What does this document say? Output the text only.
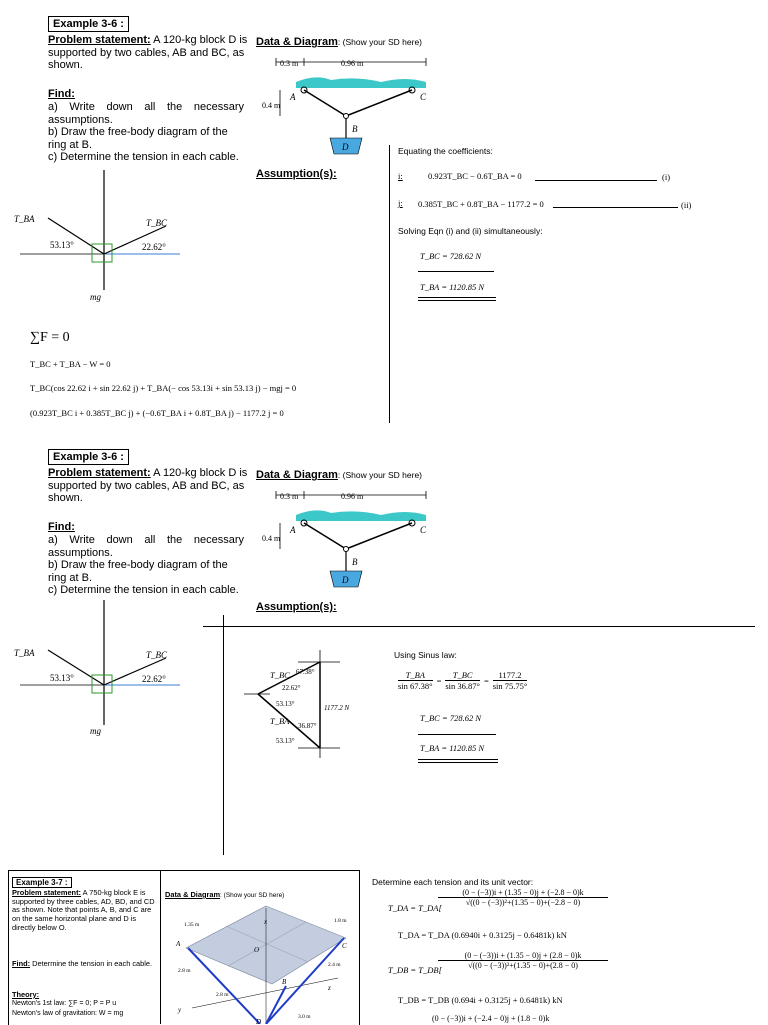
Example 3-6 :
Problem statement: A 120-kg block D is supported by two cables, AB and BC, as shown.
Data & Diagram: (Show your SD here)
Find:
a) Write down all the necessary assumptions.
b) Draw the free-body diagram of the ring at B.
c) Determine the tension in each cable.
Assumption(s):
0.3 m	0.96 m
D
A	C
B
0.4 m
T_BA	T_BC
53.13°	22.62°
mg
∑F = 0
T_BC + T_BA − W = 0
T_BC(cos 22.62 i + sin 22.62 j) + T_BA(− cos 53.13i + sin 53.13 j) − mgj = 0
(0.923T_BC i + 0.385T_BC j) + (−0.6T_BA i + 0.8T_BA j) − 1177.2 j = 0
Equating the coefficients:
i:	0.923T_BC − 0.6T_BA = 0	(i)
j: 0.385T_BC + 0.8T_BA − 1177.2 = 0	(ii)
Solving Eqn (i) and (ii) simultaneously:
T_BC = 728.62 N
T_BA = 1120.85 N
Example 3-6 :
Problem statement: A 120-kg block D is supported by two cables, AB and BC, as shown.
Data & Diagram: (Show your SD here)
Find:
a) Write down all the necessary assumptions.
b) Draw the free-body diagram of the ring at B.
c) Determine the tension in each cable.
Assumption(s):
0.3 m	0.96 m
D
A	C
B
0.4 m
T_BA	T_BC
53.13°	22.62°
mg
T_BC 67.38°
22.62°
53.13°
T_BA 36.87°
53.13°
1177.2 N
Using Sinus law:
$\frac{T\_BA}{\sin 67.38^\circ} = \frac{T\_BC}{\sin 36.87^\circ} = \frac{1177.2}{\sin 75.75^\circ}$
T_BC = 728.62 N
T_BA = 1120.85 N
Example 3-7 :
Problem statement: A 750-kg block E is supported by three cables, AD, BD, and CD as shown. Note that points A, B, and C are on the same horizontal plane and D is directly below O.
Find: Determine the tension in each cable.
Theory:
Newton's 1st law: ∑F = 0; P = P u
Newton's law of gravitation: W = mg
Data & Diagram: (Show your SD here)
A
B
C
O
D
x
y
z
1.35 m
1.8 m
2.8 m
2.8 m
2.4 m
3.0 m
Determine each tension and its unit vector:
T_DA = T_DA[
$\frac{(0 - (-3))i + (1.35 - 0)j + (-2.8 - 0)k}{\text{√((0 − (−3))²+(1.35 − 0)+(−2.8 − 0)}}$
T_DA = T_DA (0.6940i + 0.3125j − 0.6481k) kN
T_DB = T_DB[
$\frac{(0 - (-3))i + (1.35 - 0)j + (2.8 - 0)k}{\text{√((0 − (−3))²+(1.35 − 0)+(2.8 − 0)}}$
T_DB = T_DB (0.694i + 0.3125j + 0.6481k) kN
(0 − (−3))i + (−2.4 − 0)j + (1.8 − 0)k
